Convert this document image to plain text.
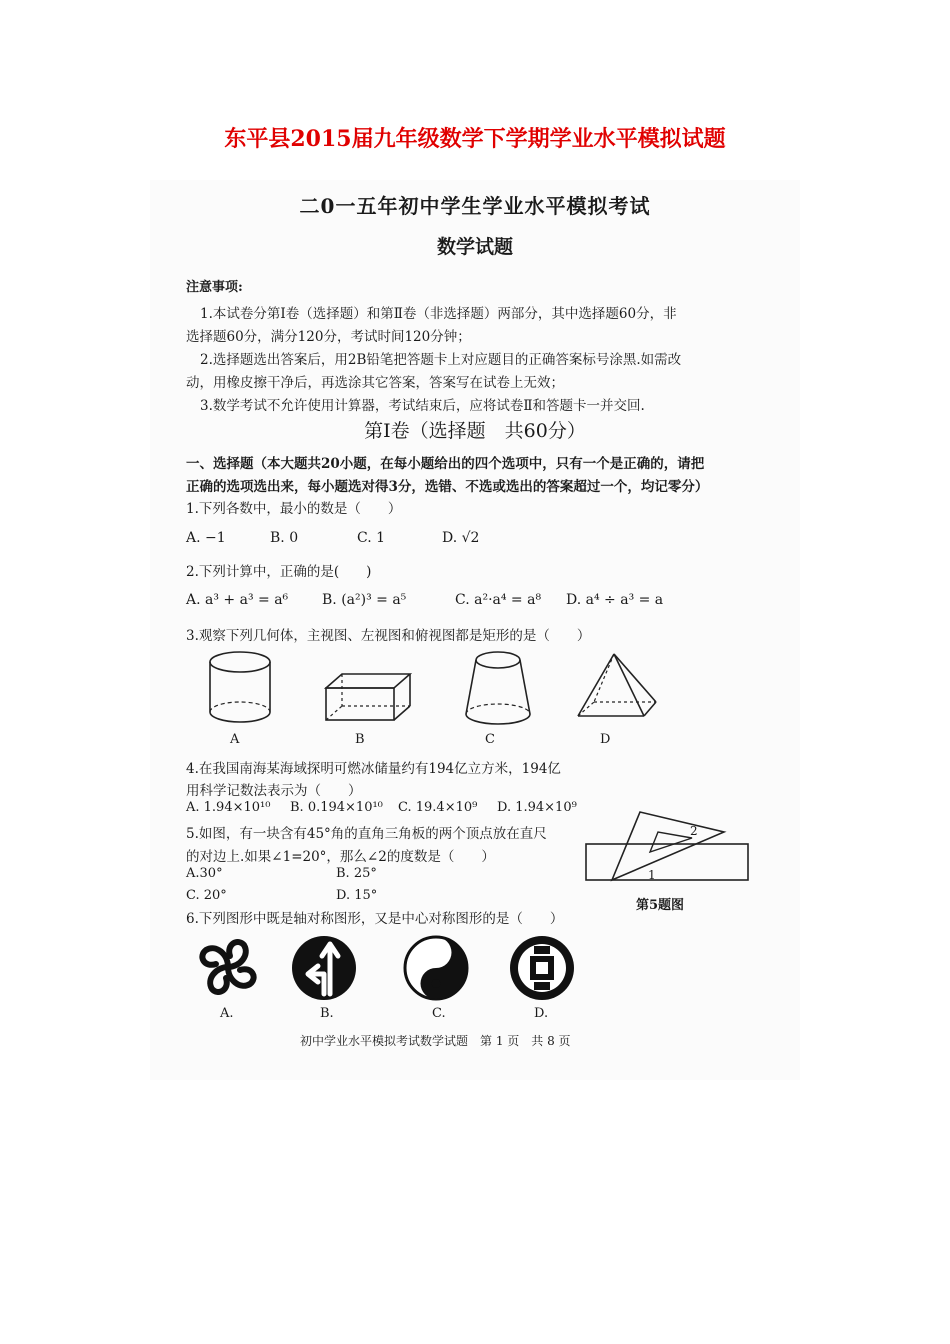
东平县2015届九年级数学下学期学业水平模拟试题
二0一五年初中学生学业水平模拟考试
数学试题
注意事项:
1.本试卷分第Ⅰ卷（选择题）和第Ⅱ卷（非选择题）两部分，其中选择题60分，非
选择题60分，满分120分，考试时间120分钟；
2.选择题选出答案后，用2B铅笔把答题卡上对应题目的正确答案标号涂黑.如需改
动，用橡皮擦干净后，再选涂其它答案，答案写在试卷上无效；
3.数学考试不允许使用计算器，考试结束后，应将试卷Ⅱ和答题卡一并交回.
第Ⅰ卷（选择题　共60分）
一、选择题（本大题共20小题，在每小题给出的四个选项中，只有一个是正确的，请把
正确的选项选出来，每小题选对得3分，选错、不选或选出的答案超过一个，均记零分）
1.下列各数中，最小的数是（　　）
A. −1	B. 0	C. 1	D. √2
2.下列计算中，正确的是(　　)
A. a³ + a³ = a⁶ B. (a²)³ = a⁵	C. a²·a⁴ = a⁸ D. a⁴ ÷ a³ = a
3.观察下列几何体，主视图、左视图和俯视图都是矩形的是（　　）
A	B	C	D
4.在我国南海某海域探明可燃冰储量约有194亿立方米，194亿
用科学记数法表示为（　　）
A. 1.94×10¹⁰ B. 0.194×10¹⁰ C. 19.4×10⁹ D. 1.94×10⁹
5.如图，有一块含有45°角的直角三角板的两个顶点放在直尺
的对边上.如果∠1=20°，那么∠2的度数是（　　）
A.30°	B. 25°
C. 20°	D. 15°
2
1
第5题图
6.下列图形中既是轴对称图形，又是中心对称图形的是（　　）
A.	B.	C.	D.
初中学业水平模拟考试数学试题　第 1 页　共 8 页
